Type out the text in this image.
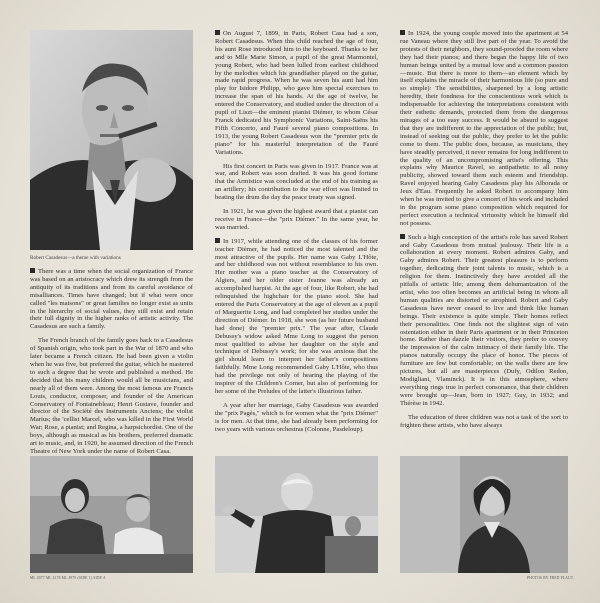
Robert Casadesus—a theme with variations

There was a time when the social organization of France was based on an aristocracy which drew its strength from the antiquity of its traditions and from its careful avoidance of misalliances. Times have changed; but if what were once called "les maisons" or great families no longer exist as units in the hierarchy of social values, they still exist and retain their full dignity in the higher ranks of artistic activity. The Casadesus are such a family.

The French branch of the family goes back to a Casadesus of Spanish origin, who took part in the War of 1870 and who later became a French citizen. He had been given a violin when he was five, but preferred the guitar, which he mastered to such a degree that he wrote and published a method. He decided that his many children would all be musicians, and nearly all of them were. Among the most famous are Francis Louis, conductor, composer, and founder of the American Conservatory of Fontainebleau; Henri Gustave, founder and director of the Société des Instruments Anciens; the violist Marius; the 'cellist Marcel, who was killed in the First World War; Rose, a pianist; and Regina, a harpsichordist. One of the boys, although as musical as his brothers, preferred dramatic art to music, and, in 1920, he assumed direction of the French Theatre of New York under the name of Robert Casa.

On August 7, 1899, in Paris, Robert Casa had a son, Robert Casadesus. When this child reached the age of four, his aunt Rose introduced him to the keyboard. Thanks to her and to Mlle Marie Simon, a pupil of the great Marmontel, young Robert, who had been lulled from earliest childhood by the melodies which his grandfather played on the guitar, made rapid progress. When he was seven his aunt had him play for Isidore Philipp, who gave him special exercises to increase the span of his hands. At the age of twelve, he entered the Conservatory, and studied under the direction of a pupil of Liszt—the eminent pianist Diémer, to whom César Franck dedicated his Symphonic Variations, Saint-Saëns his Fifth Concerto, and Fauré several piano compositions. In 1913, the young Robert Casadesus won the "premier prix de piano" for his masterful interpretation of the Fauré Variations.

His first concert in Paris was given in 1917. France was at war, and Robert was soon drafted. It was his good fortune that the Armistice was concluded at the end of his training as an artillery; his contribution to the war effort was limited to beating the drum the day the peace treaty was signed.

In 1921, he was given the highest award that a pianist can receive in France—the "prix Diémer." In the same year, he was married.

In 1917, while attending one of the classes of his former teacher Diémer, he had noticed the most talented and the most attractive of the pupils. Her name was Gaby L'Hôte, and her childhood was not without resemblance to his own. Her mother was a piano teacher at the Conservatory of Algiers, and her older sister Jeanne was already an accomplished harpist. At the age of four, like Robert, she had relinquished the highchair for the piano stool. She had entered the Paris Conservatory at the age of eleven as a pupil of Marguerite Long, and had completed her studies under the direction of Diémer. In 1918, she won (as her future husband had done) the "premier prix." The year after, Claude Debussy's widow asked Mme Long to suggest the person most qualified to advise her daughter on the style and technique of Debussy's work; for she was anxious that the girl should learn to interpret her father's compositions faithfully. Mme Long recommended Gaby L'Hôte, who thus had the privilege not only of hearing the playing of the inspirer of the Children's Corner, but also of performing for her some of the Preludes of the latter's illustrious father.

A year after her marriage, Gaby Casadesus was awarded the "prix Pagès," which is for women what the "prix Diémer" is for men. At that time, she had already been performing for two years with various orchestras (Colonne, Pasdeloup).

In 1924, the young couple moved into the apartment at 54 rue Vaneau where they still live part of the year. To avoid the protests of their neighbors, they sound-proofed the room where they had their pianos; and there began the happy life of two human beings united by a mutual love and a common passion—music. But there is more to them—an element which by itself explains the miracle of their harmonious life (so pure and so simple): The sensibilities, sharpened by a long artistic heredity, their fondness for the conscientious work which is indispensable for achieving the interpretations consistent with their esthetic demands, protected them from the dangerous mirages of a too easy success. It would be absurd to suggest that they are indifferent to the appreciation of the public; but, instead of seeking out the public, they prefer to let the public come to them. The public does, because, as musicians, they have steadily perceived, it never remains for long indifferent to the quality of an uncompromising artist's offering. This explains why Maurice Ravel, so antipathetic to all noisy publicity, showed toward them such esteem and friendship. Ravel enjoyed hearing Gaby Casadesus play his Alborada or Jeux d'Eau. Frequently he asked Robert to accompany him when he was invited to give a concert of his work and included in the program some piano composition which required for perfect execution a technical virtuosity which he himself did not possess.

Such a high conception of the artist's role has saved Robert and Gaby Casadesus from mutual jealousy. Their life is a collaboration at every moment. Robert admires Gaby, and Gaby admires Robert. Their greatest pleasure is to perform together, dedicating their joint talents to music, which is a religion for them. Instinctively they have avoided all the pitfalls of artistic life; among them dehumanization of the artist, who too often becomes an artificial being in whom all human qualities are distorted or atrophied. Robert and Gaby Casadesus have never ceased to live and think like human beings. Their existence is quite simple. Their homes reflect their personalities. One finds not the slightest sign of vain ostentation either in their Paris apartment or in their Princeton home. Rather than dazzle their visitors, they prefer to convey the impression of the calm intimacy of their family life. The pianos naturally occupy the place of honor. The pieces of furniture are few but comfortable; on the walls there are few pictures, but all are masterpieces (Dufy, Odilon Redon, Modigliani, Vlaminck). It is in this atmosphere, where everything rings true in perfect consonance, that their children were brought up—Jean, born in 1927; Guy, in 1932; and Thérèse in 1942.

The education of three children was not a task of the sort to frighten these artists, who have always

ML 4977 ML 4178 ML 4979 (SIDE 1) SIDE A	PHOTOS BY FRED PLAUT
